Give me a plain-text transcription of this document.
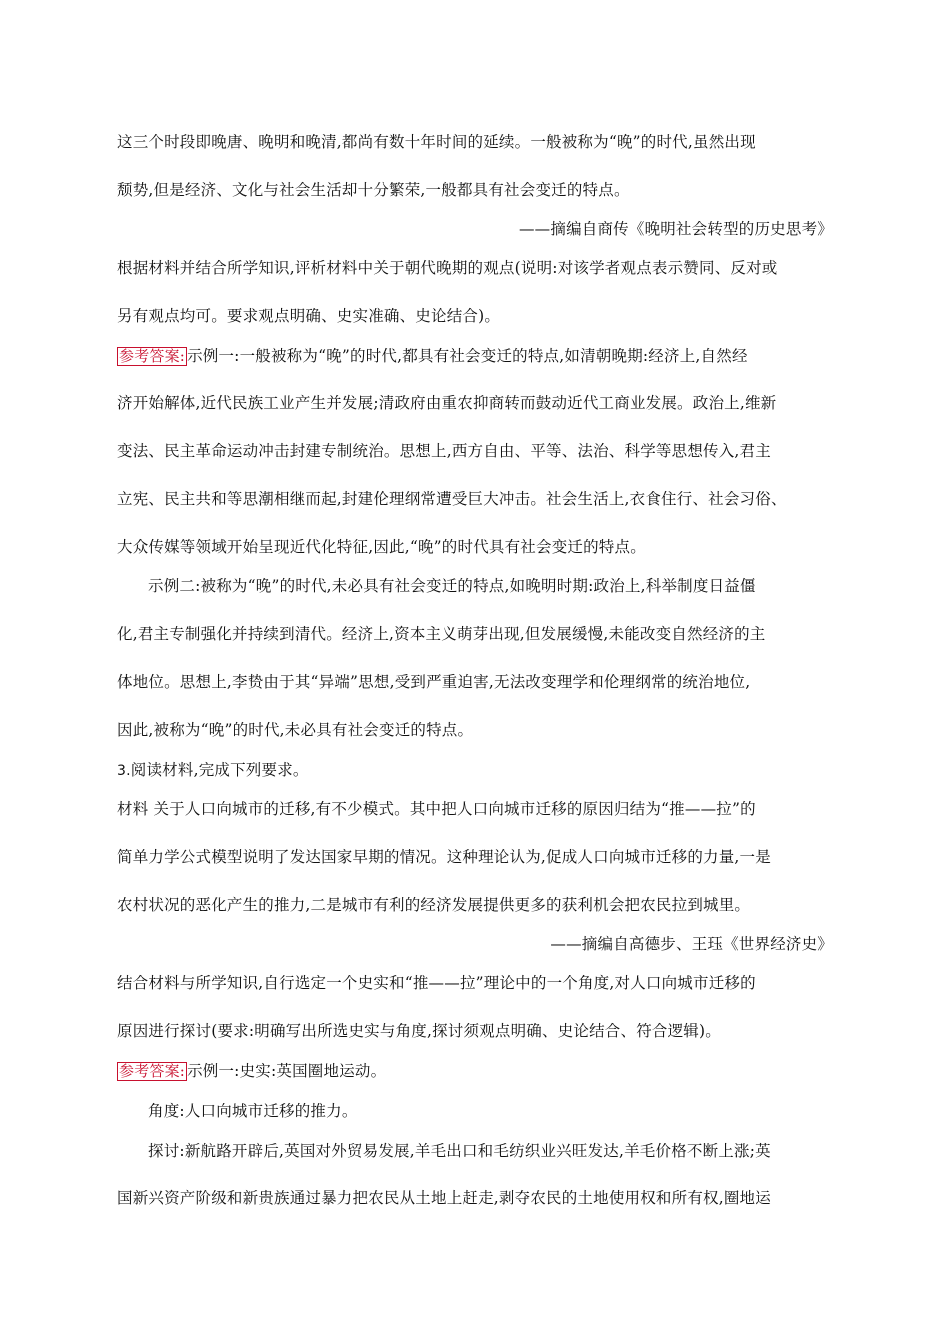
这三个时段即晚唐、晚明和晚清,都尚有数十年时间的延续。一般被称为“晚”的时代,虽然出现
颓势,但是经济、文化与社会生活却十分繁荣,一般都具有社会变迁的特点。
——摘编自商传《晚明社会转型的历史思考》
根据材料并结合所学知识,评析材料中关于朝代晚期的观点(说明:对该学者观点表示赞同、反对或
另有观点均可。要求观点明确、史实准确、史论结合)。
参考答案: 示例一:一般被称为“晚”的时代,都具有社会变迁的特点,如清朝晚期:经济上,自然经
济开始解体,近代民族工业产生并发展;清政府由重农抑商转而鼓动近代工商业发展。政治上,维新
变法、民主革命运动冲击封建专制统治。思想上,西方自由、平等、法治、科学等思想传入,君主
立宪、民主共和等思潮相继而起,封建伦理纲常遭受巨大冲击。社会生活上,衣食住行、社会习俗、
大众传媒等领域开始呈现近代化特征,因此,“晚”的时代具有社会变迁的特点。
示例二:被称为“晚”的时代,未必具有社会变迁的特点,如晚明时期:政治上,科举制度日益僵
化,君主专制强化并持续到清代。经济上,资本主义萌芽出现,但发展缓慢,未能改变自然经济的主
体地位。思想上,李贽由于其“异端”思想,受到严重迫害,无法改变理学和伦理纲常的统治地位,
因此,被称为“晚”的时代,未必具有社会变迁的特点。
3.阅读材料,完成下列要求。
材料 关于人口向城市的迁移,有不少模式。其中把人口向城市迁移的原因归结为“推——拉”的
简单力学公式模型说明了发达国家早期的情况。这种理论认为,促成人口向城市迁移的力量,一是
农村状况的恶化产生的推力,二是城市有利的经济发展提供更多的获利机会把农民拉到城里。
——摘编自高德步、王珏《世界经济史》
结合材料与所学知识,自行选定一个史实和“推——拉”理论中的一个角度,对人口向城市迁移的
原因进行探讨(要求:明确写出所选史实与角度,探讨须观点明确、史论结合、符合逻辑)。
参考答案: 示例一:史实:英国圈地运动。
角度:人口向城市迁移的推力。
探讨:新航路开辟后,英国对外贸易发展,羊毛出口和毛纺织业兴旺发达,羊毛价格不断上涨;英
国新兴资产阶级和新贵族通过暴力把农民从土地上赶走,剥夺农民的土地使用权和所有权,圈地运
